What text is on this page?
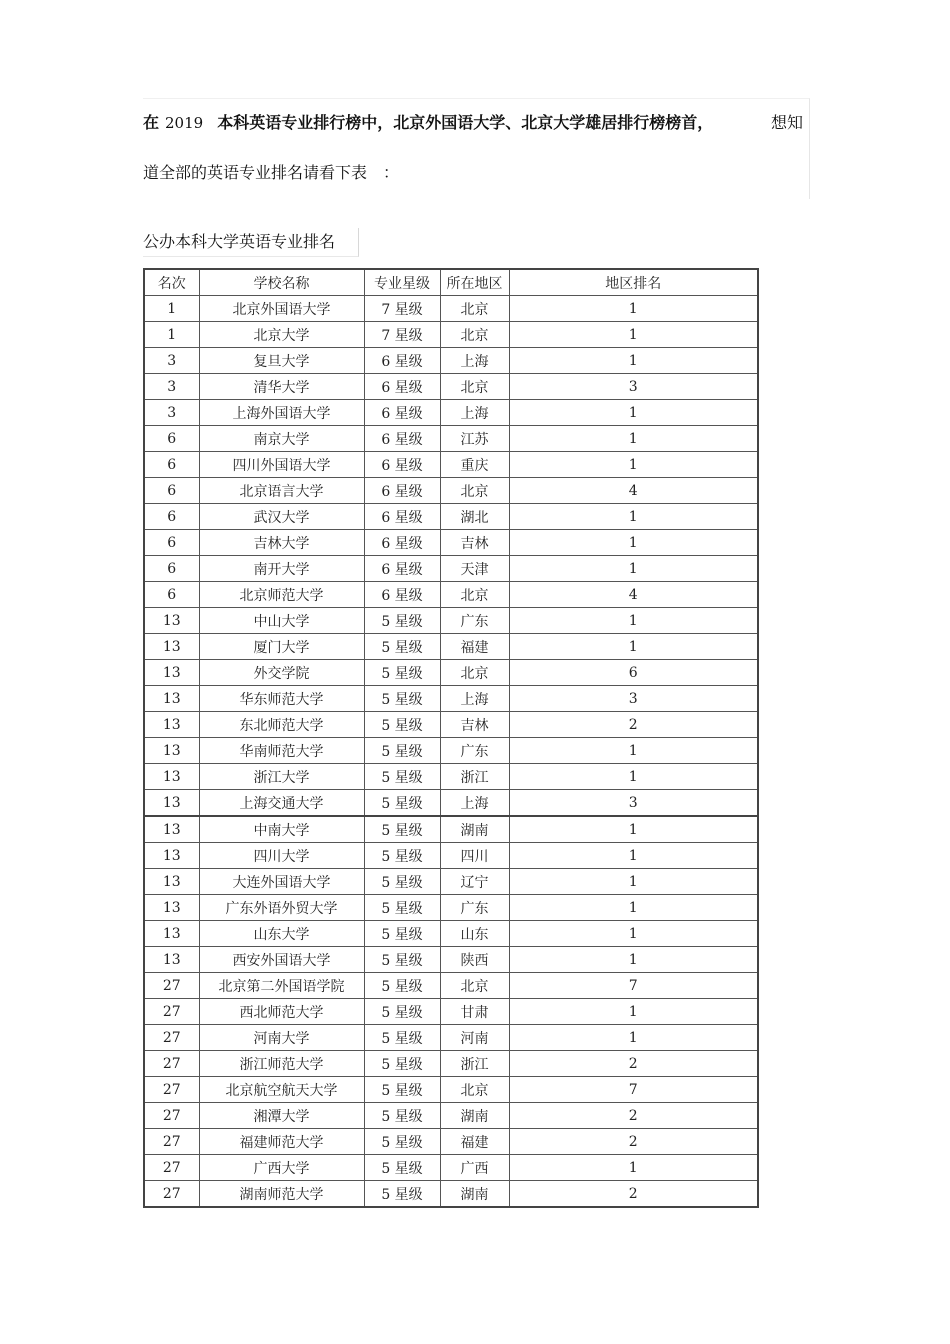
在 2019 本科英语专业排行榜中，北京外国语大学、北京大学雄居排行榜榜首，	想知
道全部的英语专业排名请看下表 ：
公办本科大学英语专业排名
名次	学校名称	专业星级	所在地区	地区排名
1	北京外国语大学	7 星级	北京	1
1	北京大学	7 星级	北京	1
3	复旦大学	6 星级	上海	1
3	清华大学	6 星级	北京	3
3	上海外国语大学	6 星级	上海	1
6	南京大学	6 星级	江苏	1
6	四川外国语大学	6 星级	重庆	1
6	北京语言大学	6 星级	北京	4
6	武汉大学	6 星级	湖北	1
6	吉林大学	6 星级	吉林	1
6	南开大学	6 星级	天津	1
6	北京师范大学	6 星级	北京	4
13	中山大学	5 星级	广东	1
13	厦门大学	5 星级	福建	1
13	外交学院	5 星级	北京	6
13	华东师范大学	5 星级	上海	3
13	东北师范大学	5 星级	吉林	2
13	华南师范大学	5 星级	广东	1
13	浙江大学	5 星级	浙江	1
13	上海交通大学	5 星级	上海	3
13	中南大学	5 星级	湖南	1
13	四川大学	5 星级	四川	1
13	大连外国语大学	5 星级	辽宁	1
13	广东外语外贸大学	5 星级	广东	1
13	山东大学	5 星级	山东	1
13	西安外国语大学	5 星级	陕西	1
27	北京第二外国语学院	5 星级	北京	7
27	西北师范大学	5 星级	甘肃	1
27	河南大学	5 星级	河南	1
27	浙江师范大学	5 星级	浙江	2
27	北京航空航天大学	5 星级	北京	7
27	湘潭大学	5 星级	湖南	2
27	福建师范大学	5 星级	福建	2
27	广西大学	5 星级	广西	1
27	湖南师范大学	5 星级	湖南	2
